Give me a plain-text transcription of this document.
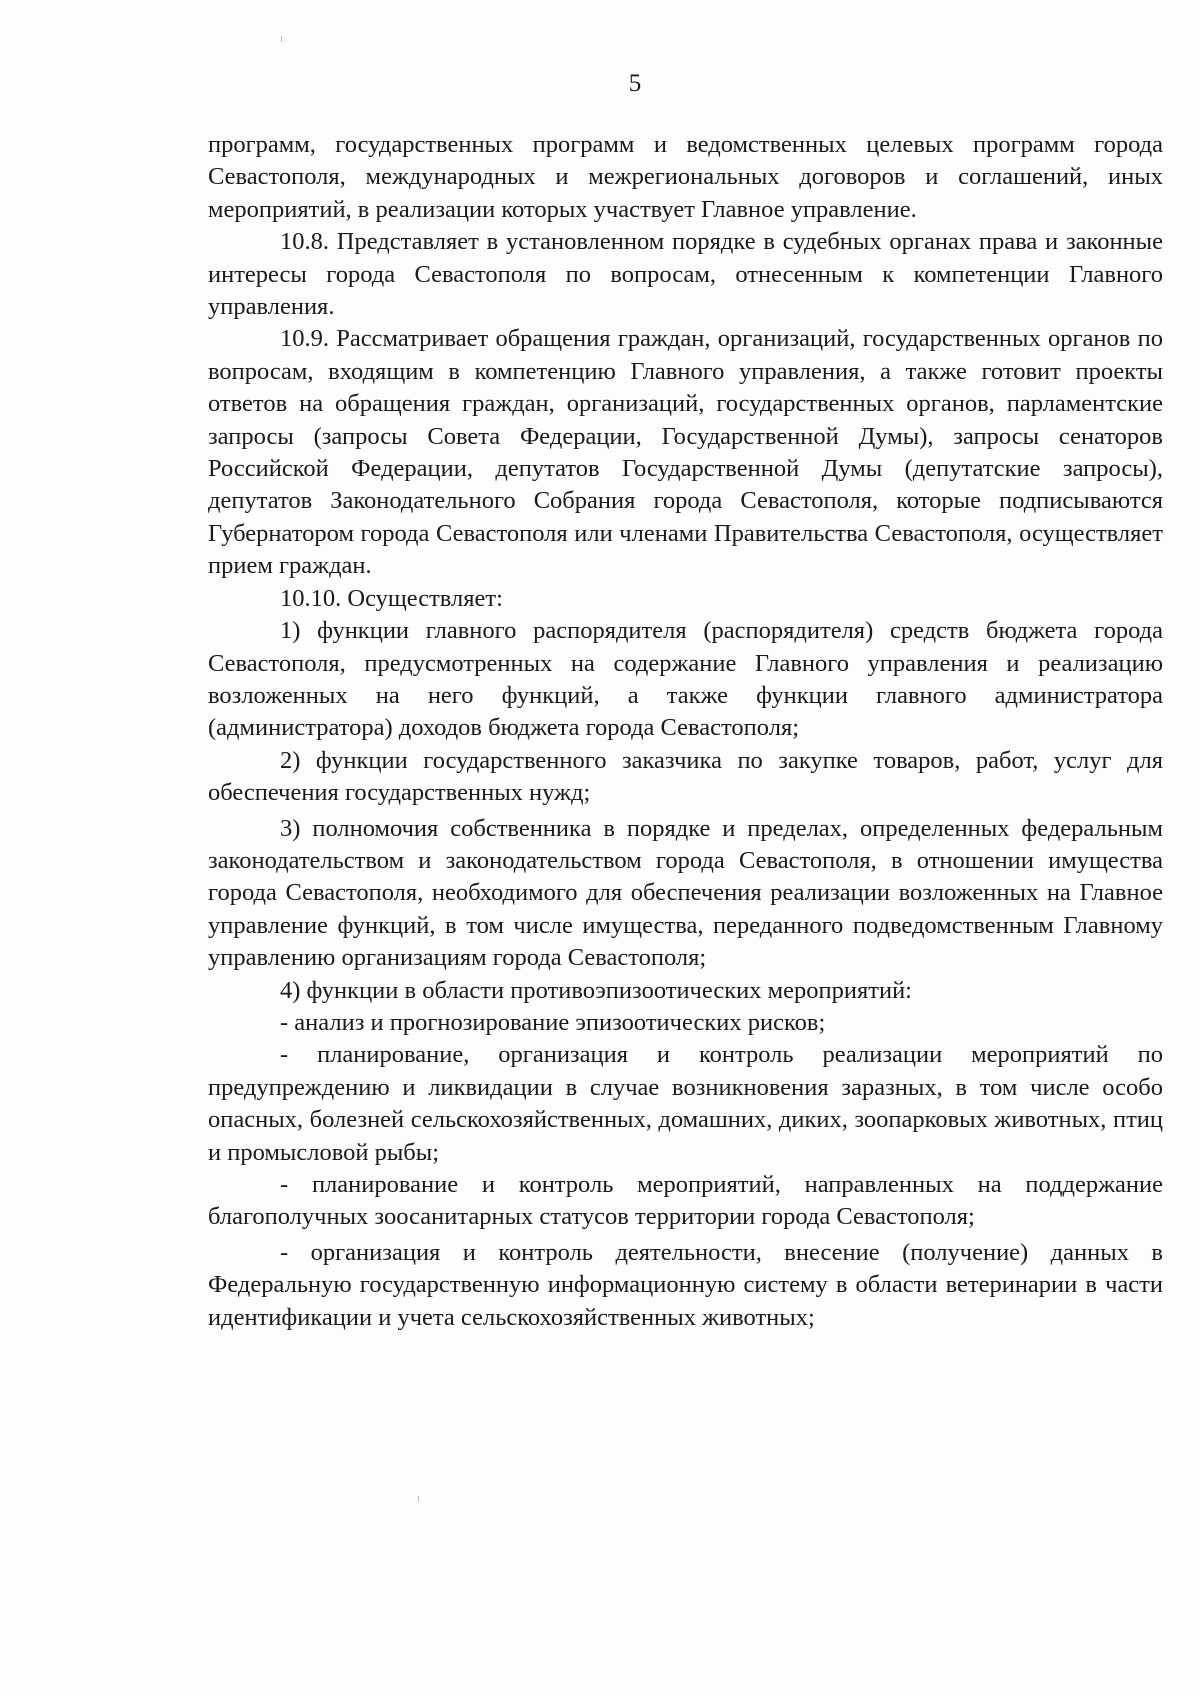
5

программ, государственных программ и ведомственных целевых программ города Севастополя, международных и межрегиональных договоров и соглашений, иных мероприятий, в реализации которых участвует Главное управление.

10.8. Представляет в установленном порядке в судебных органах права и законные интересы города Севастополя по вопросам, отнесенным к компетенции Главного управления.

10.9. Рассматривает обращения граждан, организаций, государственных органов по вопросам, входящим в компетенцию Главного управления, а также готовит проекты ответов на обращения граждан, организаций, государственных органов, парламентские запросы (запросы Совета Федерации, Государственной Думы), запросы сенаторов Российской Федерации, депутатов Государственной Думы (депутатские запросы), депутатов Законодательного Собрания города Севастополя, которые подписываются Губернатором города Севастополя или членами Правительства Севастополя, осуществляет прием граждан.

10.10. Осуществляет:

1) функции главного распорядителя (распорядителя) средств бюджета города Севастополя, предусмотренных на содержание Главного управления и реализацию возложенных на него функций, а также функции главного администратора (администратора) доходов бюджета города Севастополя;

2) функции государственного заказчика по закупке товаров, работ, услуг для обеспечения государственных нужд;

3) полномочия собственника в порядке и пределах, определенных федеральным законодательством и законодательством города Севастополя, в отношении имущества города Севастополя, необходимого для обеспечения реализации возложенных на Главное управление функций, в том числе имущества, переданного подведомственным Главному управлению организациям города Севастополя;

4) функции в области противоэпизоотических мероприятий:

- анализ и прогнозирование эпизоотических рисков;

- планирование, организация и контроль реализации мероприятий по предупреждению и ликвидации в случае возникновения заразных, в том числе особо опасных, болезней сельскохозяйственных, домашних, диких, зоопарковых животных, птиц и промысловой рыбы;

- планирование и контроль мероприятий, направленных на поддержание благополучных зоосанитарных статусов территории города Севастополя;

- организация и контроль деятельности, внесение (получение) данных в Федеральную государственную информационную систему в области ветеринарии в части идентификации и учета сельскохозяйственных животных;
